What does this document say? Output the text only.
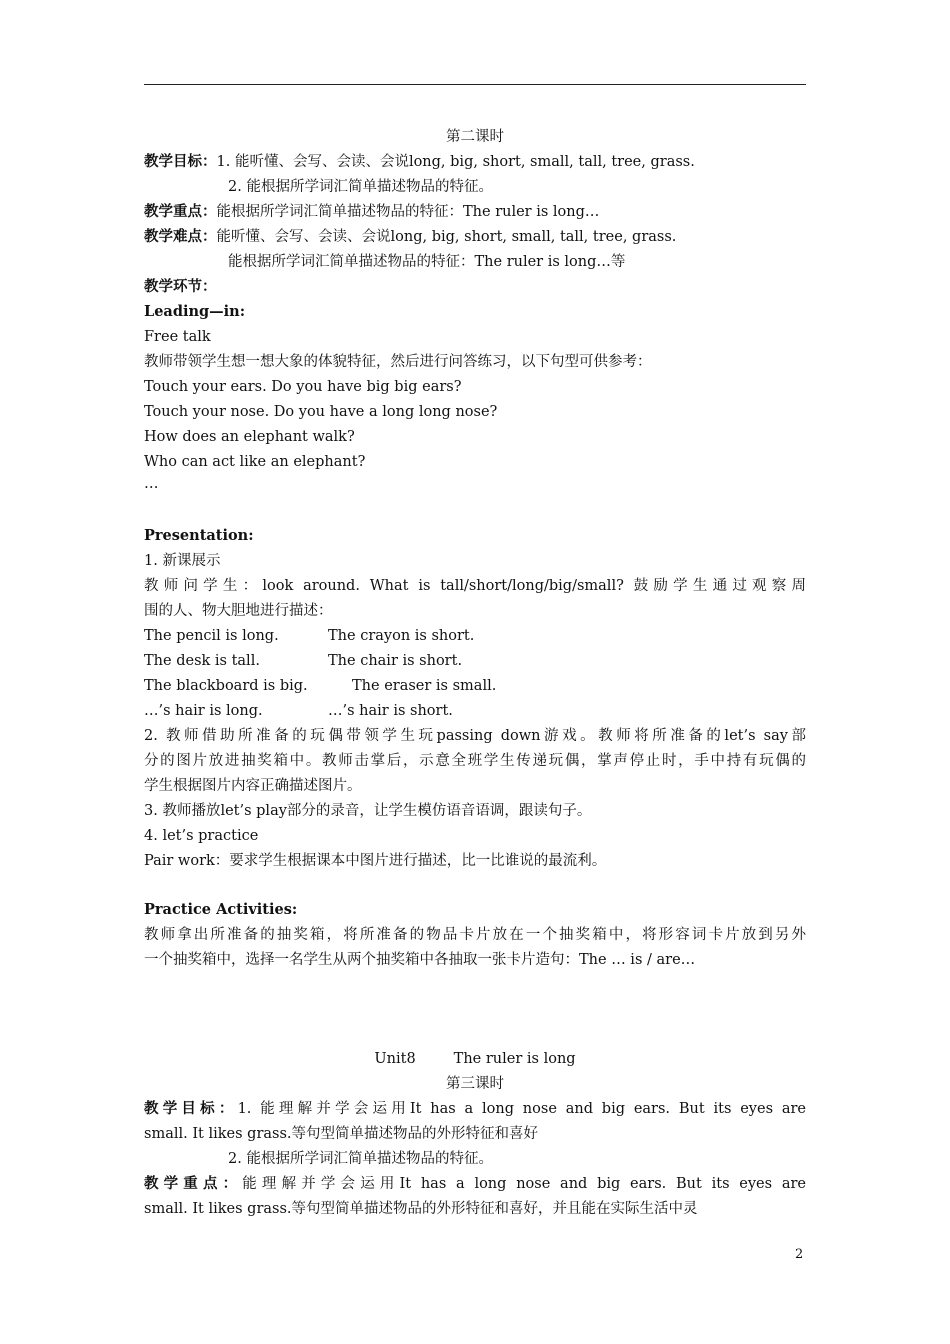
第二课时
教学目标：1. 能听懂、会写、会读、会说long, big, short, small, tall, tree, grass.
2. 能根据所学词汇简单描述物品的特征。
教学重点：能根据所学词汇简单描述物品的特征：The ruler is long…
教学难点：能听懂、会写、会读、会说long, big, short, small, tall, tree, grass.
能根据所学词汇简单描述物品的特征：The ruler is long…等
教学环节：
Leading—in:
Free talk
教师带领学生想一想大象的体貌特征，然后进行问答练习，以下句型可供参考：
Touch your ears. Do you have big big ears?
Touch your nose. Do you have a long long nose?
How does an elephant walk?
Who can act like an elephant?
…
Presentation:
1. 新课展示
教师问学生：look around. What is tall/short/long/big/small? 鼓励学生通过观察周
围的人、物大胆地进行描述：
The pencil is long.	The crayon is short.
The desk is tall.	The chair is short.
The blackboard is big.	The eraser is small.
…’s hair is long.	…’s hair is short.
2. 教师借助所准备的玩偶带领学生玩passing down游戏。教师将所准备的let’s say部
分的图片放进抽奖箱中。教师击掌后，示意全班学生传递玩偶，掌声停止时，手中持有玩偶的
学生根据图片内容正确描述图片。
3. 教师播放let’s play部分的录音，让学生模仿语音语调，跟读句子。
4. let’s practice
Pair work：要求学生根据课本中图片进行描述，比一比谁说的最流利。
Practice Activities:
教师拿出所准备的抽奖箱，将所准备的物品卡片放在一个抽奖箱中，将形容词卡片放到另外
一个抽奖箱中，选择一名学生从两个抽奖箱中各抽取一张卡片造句：The … is / are…
Unit8	The ruler is long
第三课时
教学目标：1. 能理解并学会运用It has a long nose and big ears. But its eyes are
small. It likes grass.等句型简单描述物品的外形特征和喜好
2. 能根据所学词汇简单描述物品的特征。
教学重点：能理解并学会运用It has a long nose and big ears. But its eyes are
small. It likes grass.等句型简单描述物品的外形特征和喜好，并且能在实际生活中灵
2
